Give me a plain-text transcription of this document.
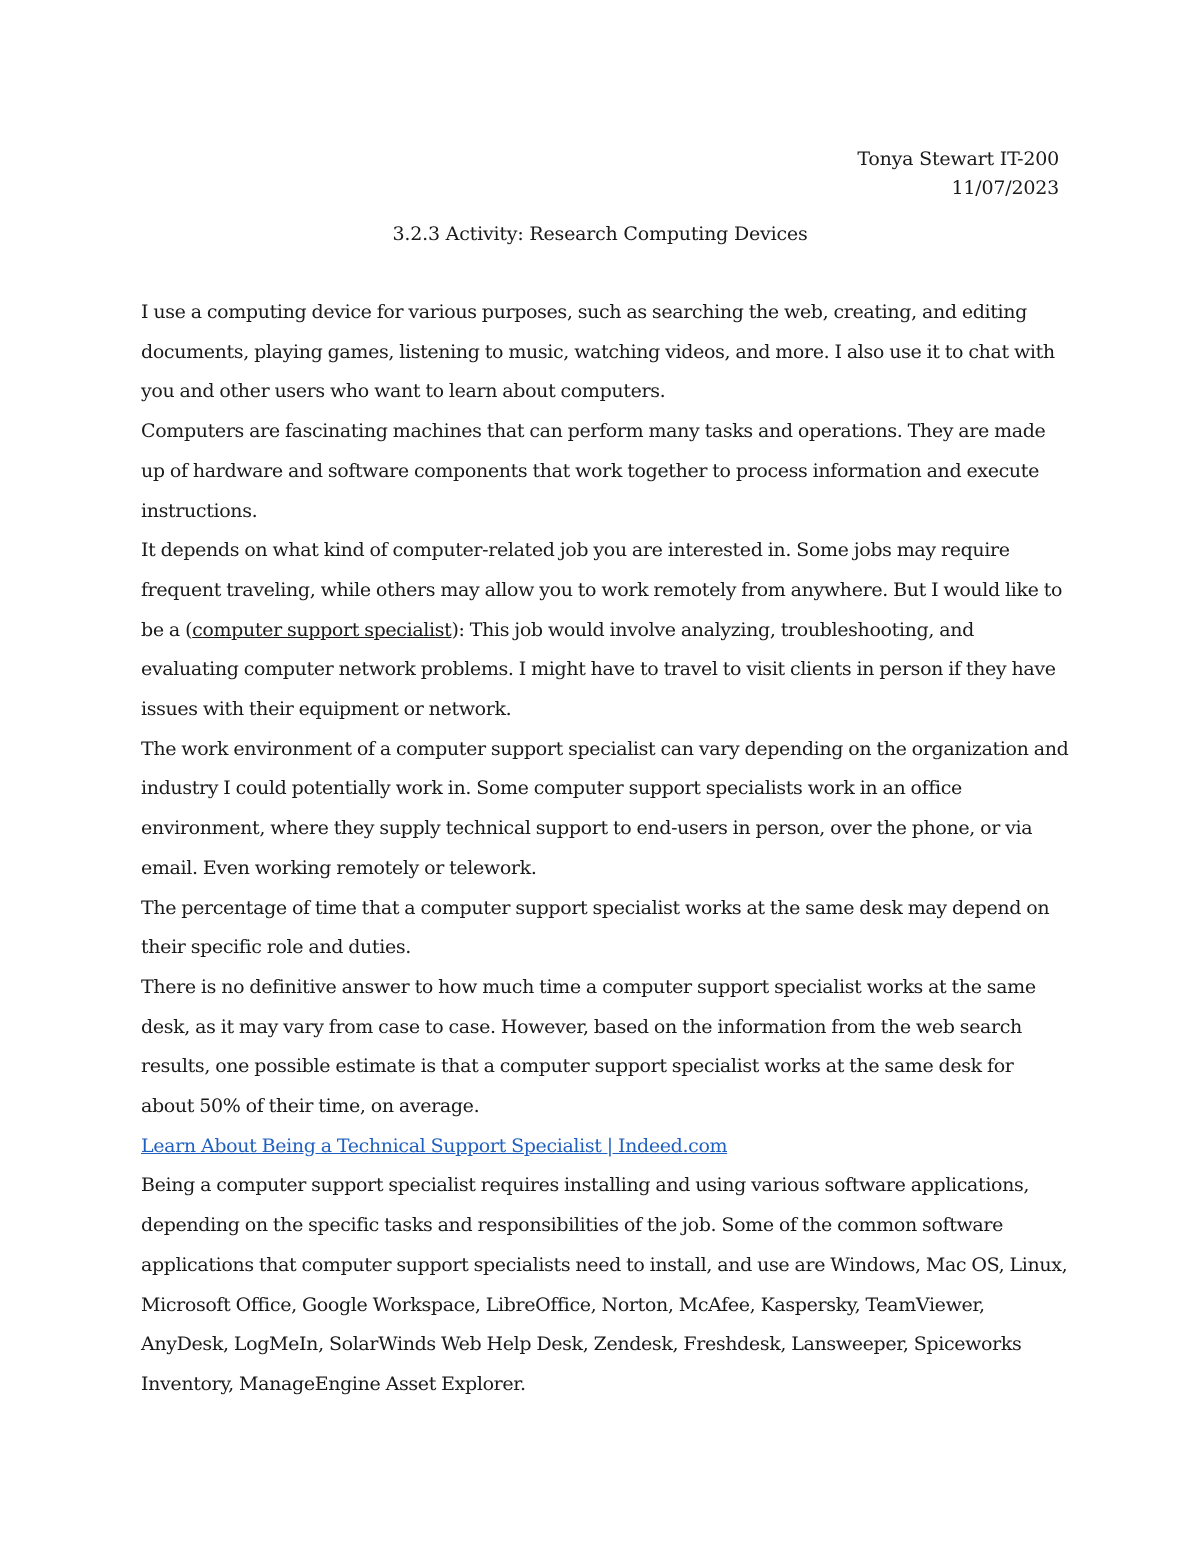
Tonya Stewart IT-200
11/07/2023
3.2.3 Activity: Research Computing Devices

I use a computing device for various purposes, such as searching the web, creating, and editing documents, playing games, listening to music, watching videos, and more. I also use it to chat with you and other users who want to learn about computers.

Computers are fascinating machines that can perform many tasks and operations. They are made up of hardware and software components that work together to process information and execute instructions.

It depends on what kind of computer-related job you are interested in. Some jobs may require frequent traveling, while others may allow you to work remotely from anywhere. But I would like to be a (computer support specialist): This job would involve analyzing, troubleshooting, and evaluating computer network problems. I might have to travel to visit clients in person if they have issues with their equipment or network.

The work environment of a computer support specialist can vary depending on the organization and industry I could potentially work in. Some computer support specialists work in an office environment, where they supply technical support to end-users in person, over the phone, or via email. Even working remotely or telework.

The percentage of time that a computer support specialist works at the same desk may depend on their specific role and duties.

There is no definitive answer to how much time a computer support specialist works at the same desk, as it may vary from case to case. However, based on the information from the web search results, one possible estimate is that a computer support specialist works at the same desk for about 50% of their time, on average.

Learn About Being a Technical Support Specialist | Indeed.com

Being a computer support specialist requires installing and using various software applications, depending on the specific tasks and responsibilities of the job. Some of the common software applications that computer support specialists need to install, and use are Windows, Mac OS, Linux, Microsoft Office, Google Workspace, LibreOffice, Norton, McAfee, Kaspersky, TeamViewer, AnyDesk, LogMeIn, SolarWinds Web Help Desk, Zendesk, Freshdesk, Lansweeper, Spiceworks Inventory, ManageEngine Asset Explorer.
